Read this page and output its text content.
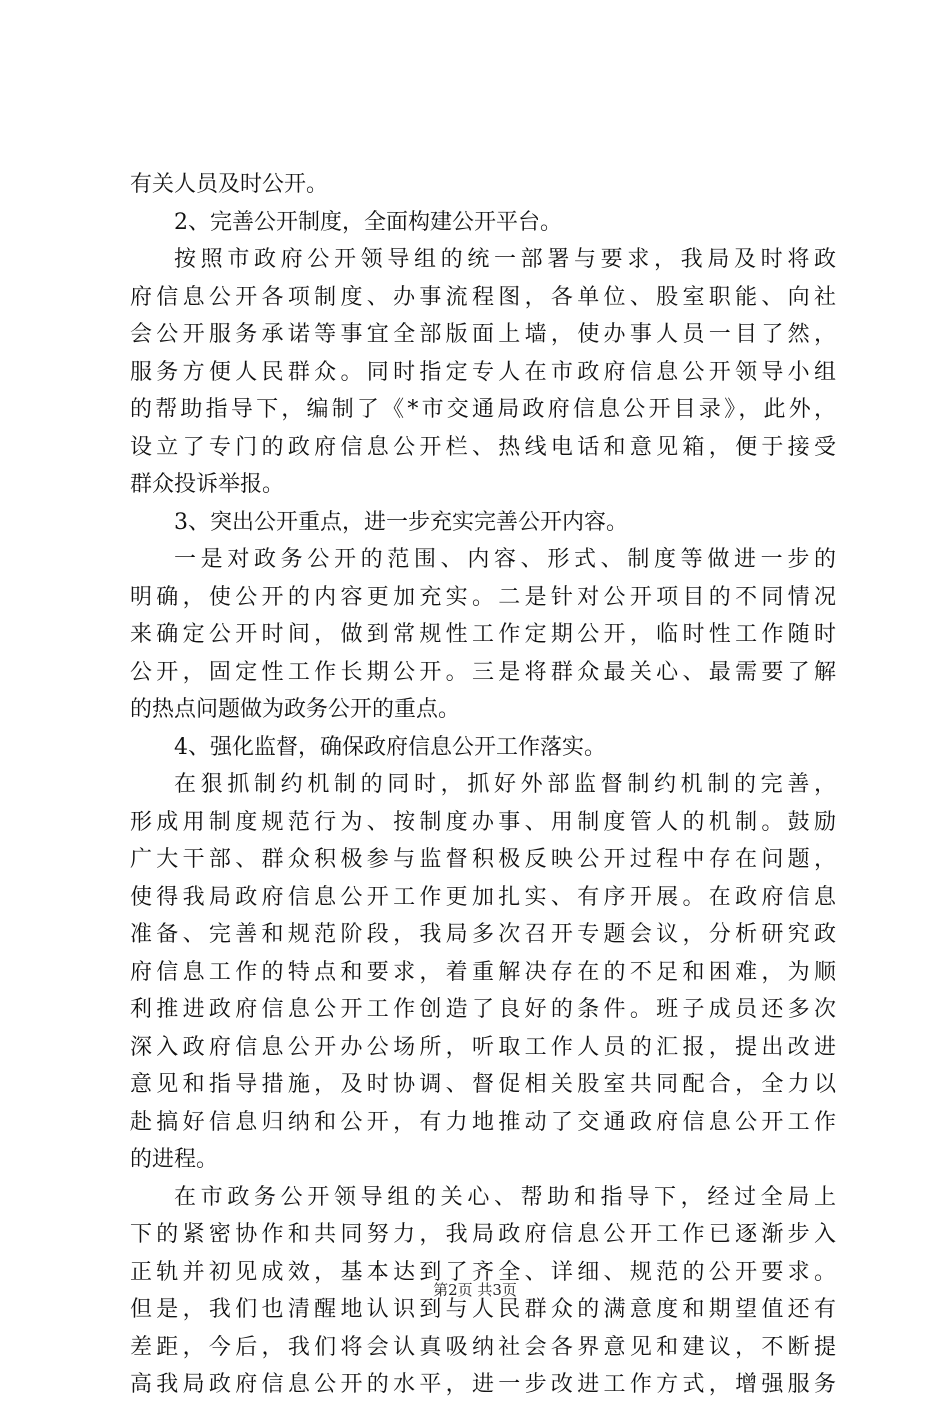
有关人员及时公开。
2、完善公开制度，全面构建公开平台。
按照市政府公开领导组的统一部署与要求，我局及时将政
府信息公开各项制度、办事流程图，各单位、股室职能、向社
会公开服务承诺等事宜全部版面上墙，使办事人员一目了然，
服务方便人民群众。同时指定专人在市政府信息公开领导小组
的帮助指导下，编制了《*市交通局政府信息公开目录》，此外，
设立了专门的政府信息公开栏、热线电话和意见箱，便于接受
群众投诉举报。
3、突出公开重点，进一步充实完善公开内容。
一是对政务公开的范围、内容、形式、制度等做进一步的
明确，使公开的内容更加充实。二是针对公开项目的不同情况
来确定公开时间，做到常规性工作定期公开，临时性工作随时
公开，固定性工作长期公开。三是将群众最关心、最需要了解
的热点问题做为政务公开的重点。
4、强化监督，确保政府信息公开工作落实。
在狠抓制约机制的同时，抓好外部监督制约机制的完善，
形成用制度规范行为、按制度办事、用制度管人的机制。鼓励
广大干部、群众积极参与监督积极反映公开过程中存在问题，
使得我局政府信息公开工作更加扎实、有序开展。在政府信息
准备、完善和规范阶段，我局多次召开专题会议，分析研究政
府信息工作的特点和要求，着重解决存在的不足和困难，为顺
利推进政府信息公开工作创造了良好的条件。班子成员还多次
深入政府信息公开办公场所，听取工作人员的汇报，提出改进
意见和指导措施，及时协调、督促相关股室共同配合，全力以
赴搞好信息归纳和公开，有力地推动了交通政府信息公开工作
的进程。
在市政务公开领导组的关心、帮助和指导下，经过全局上
下的紧密协作和共同努力，我局政府信息公开工作已逐渐步入
正轨并初见成效，基本达到了齐全、详细、规范的公开要求。
但是，我们也清醒地认识到与人民群众的满意度和期望值还有
差距，今后，我们将会认真吸纳社会各界意见和建议，不断提
高我局政府信息公开的水平，进一步改进工作方式，增强服务
第2页 共3页
